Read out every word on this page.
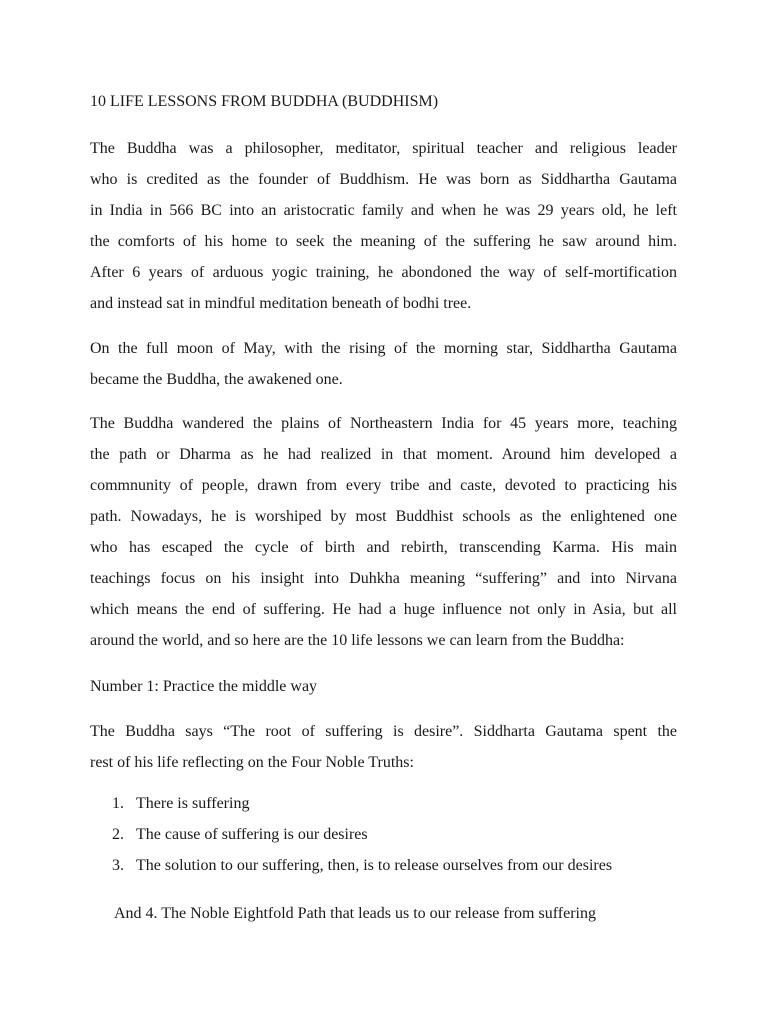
10 LIFE LESSONS FROM BUDDHA (BUDDHISM)
The Buddha was a philosopher, meditator, spiritual teacher and religious leader
who is credited as the founder of Buddhism. He was born as Siddhartha Gautama
in India in 566 BC into an aristocratic family and when he was 29 years old, he left
the comforts of his home to seek the meaning of the suffering he saw around him.
After 6 years of arduous yogic training, he abondoned the way of self-mortification
and instead sat in mindful meditation beneath of bodhi tree.
On the full moon of May, with the rising of the morning star, Siddhartha Gautama
became the Buddha, the awakened one.
The Buddha wandered the plains of Northeastern India for 45 years more, teaching
the path or Dharma as he had realized in that moment. Around him developed a
commnunity of people, drawn from every tribe and caste, devoted to practicing his
path. Nowadays, he is worshiped by most Buddhist schools as the enlightened one
who has escaped the cycle of birth and rebirth, transcending Karma. His main
teachings focus on his insight into Duhkha meaning “suffering” and into Nirvana
which means the end of suffering. He had a huge influence not only in Asia, but all
around the world, and so here are the 10 life lessons we can learn from the Buddha:
Number 1: Practice the middle way
The Buddha says “The root of suffering is desire”. Siddharta Gautama spent the
rest of his life reflecting on the Four Noble Truths:
1. There is suffering
2. The cause of suffering is our desires
3. The solution to our suffering, then, is to release ourselves from our desires
And 4. The Noble Eightfold Path that leads us to our release from suffering
